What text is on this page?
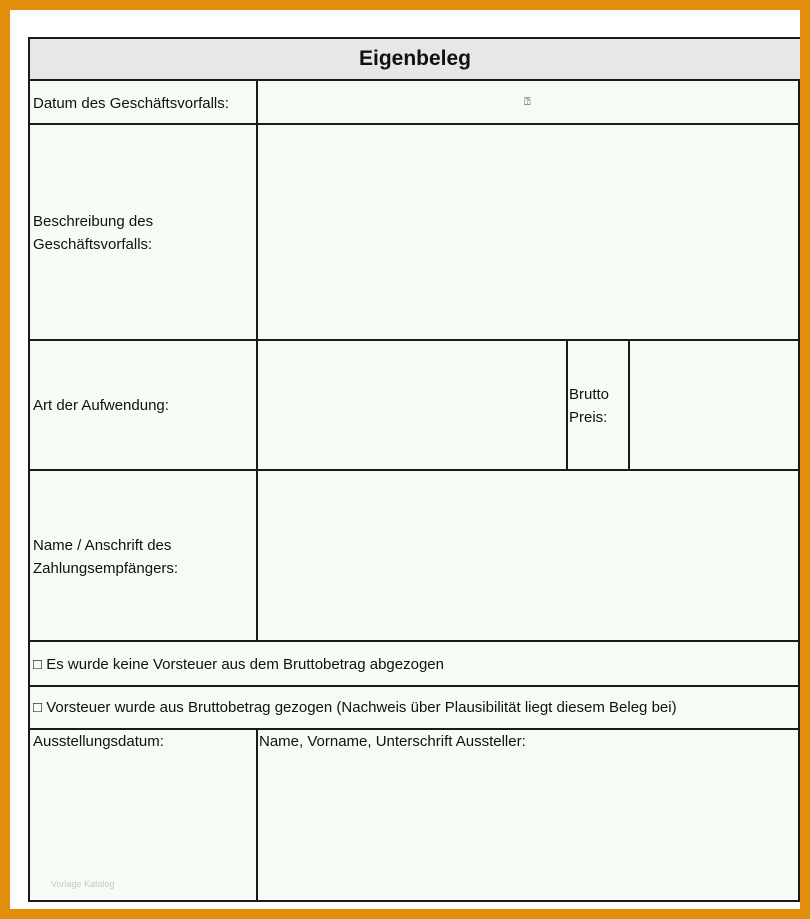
Eigenbeleg
Datum des Geschäftsvorfalls:	⍰
Beschreibung des
Geschäftsvorfalls:
Art der Aufwendung:
Brutto
Preis:
Name / Anschrift des
Zahlungsempfängers:
□ Es wurde keine Vorsteuer aus dem Bruttobetrag abgezogen
□ Vorsteuer wurde aus Bruttobetrag gezogen (Nachweis über Plausibilität liegt diesem Beleg bei)
Ausstellungsdatum:	Name, Vorname, Unterschrift Aussteller:
Vorlage Katalog
